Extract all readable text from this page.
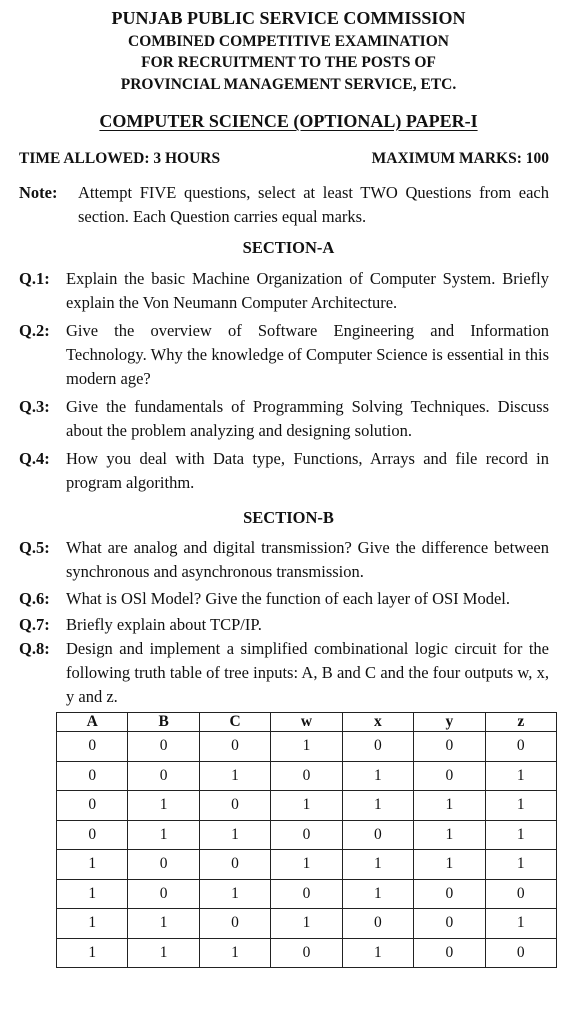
PUNJAB PUBLIC SERVICE COMMISSION
COMBINED COMPETITIVE EXAMINATION
FOR RECRUITMENT TO THE POSTS OF
PROVINCIAL MANAGEMENT SERVICE, ETC.
COMPUTER SCIENCE (OPTIONAL) PAPER-I
TIME ALLOWED: 3 HOURS	MAXIMUM MARKS: 100
Note: Attempt FIVE questions, select at least TWO Questions from each section. Each Question carries equal marks.
SECTION-A
Q.1: Explain the basic Machine Organization of Computer System. Briefly explain the Von Neumann Computer Architecture.
Q.2: Give the overview of Software Engineering and Information Technology. Why the knowledge of Computer Science is essential in this modern age?
Q.3: Give the fundamentals of Programming Solving Techniques. Discuss about the problem analyzing and designing solution.
Q.4: How you deal with Data type, Functions, Arrays and file record in program algorithm.
SECTION-B
Q.5: What are analog and digital transmission? Give the difference between synchronous and asynchronous transmission.
Q.6: What is OSl Model? Give the function of each layer of OSI Model.
Q.7: Briefly explain about TCP/IP.
Q.8: Design and implement a simplified combinational logic circuit for the following truth table of tree inputs: A, B and C and the four outputs w, x, y and z.
A	B	C	w	x	y	z
0	0	0	1	0	0	0
0	0	1	0	1	0	1
0	1	0	1	1	1	1
0	1	1	0	0	1	1
1	0	0	1	1	1	1
1	0	1	0	1	0	0
1	1	0	1	0	0	1
1	1	1	0	1	0	0
